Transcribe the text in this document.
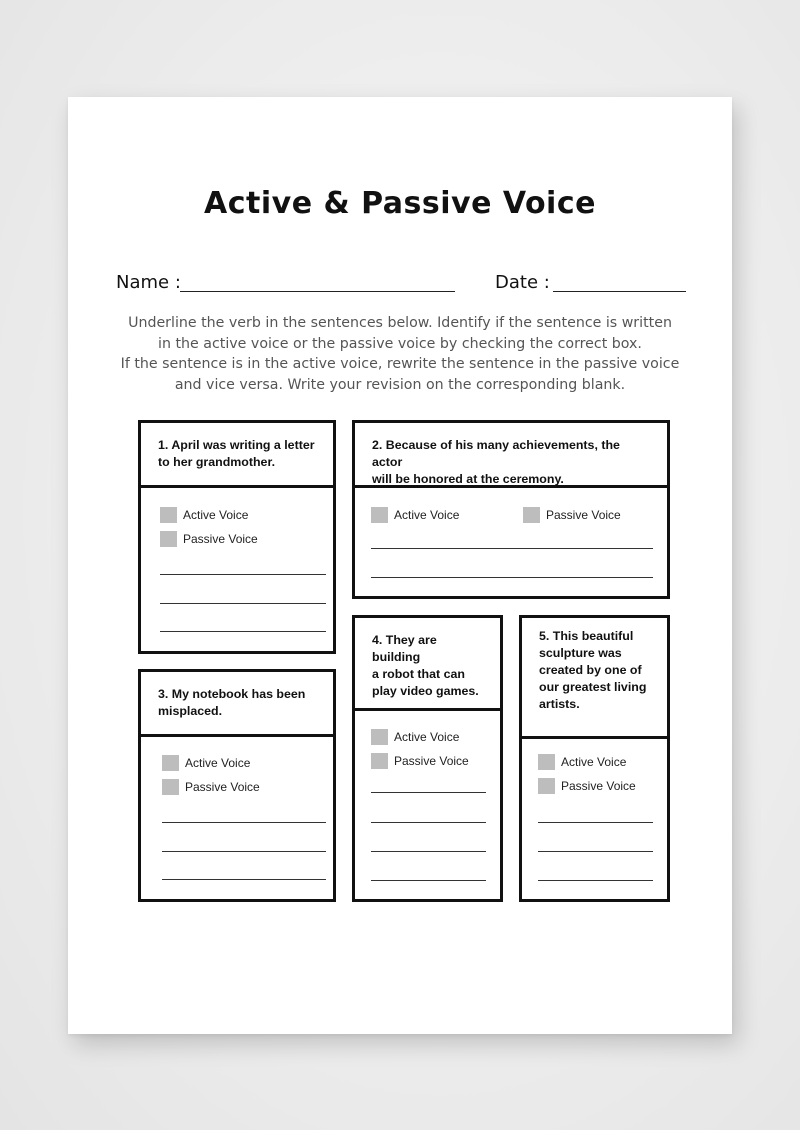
Active & Passive Voice
Name :	Date :
Underline the verb in the sentences below. Identify if the sentence is written
in the active voice or the passive voice by checking the correct box.
If the sentence is in the active voice, rewrite the sentence in the passive voice
and vice versa. Write your revision on the corresponding blank.
1. April was writing a letter
to her grandmother.
Active Voice
Passive Voice
2. Because of his many achievements, the actor
will be honored at the ceremony.
Active Voice	Passive Voice
3. My notebook has been
misplaced.
Active Voice
Passive Voice
4. They are building
a robot that can
play video games.
Active Voice
Passive Voice
5. This beautiful
sculpture was
created by one of
our greatest living
artists.
Active Voice
Passive Voice
